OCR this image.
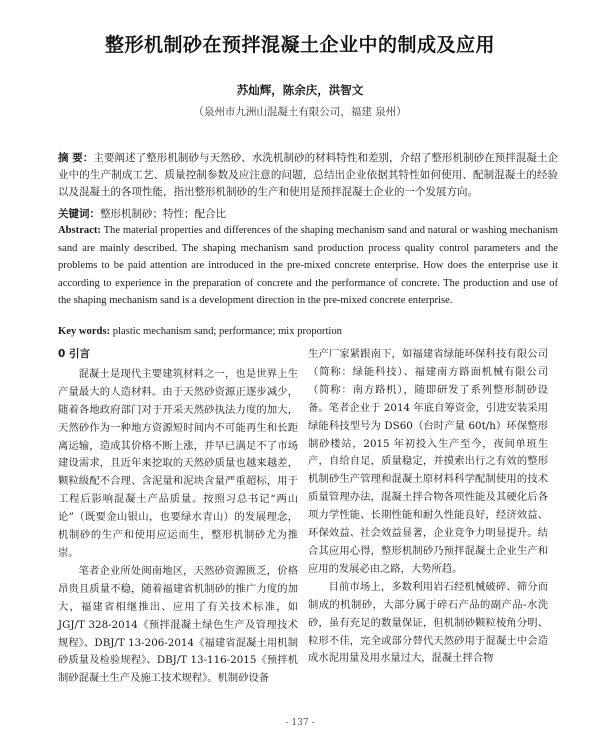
整形机制砂在预拌混凝土企业中的制成及应用
苏灿辉，陈余庆，洪智文
（泉州市九洲山混凝土有限公司，福建 泉州）
摘 要：主要阐述了整形机制砂与天然砂、水洗机制砂的材料特性和差别，介绍了整形机制砂在预拌混凝土企业中的生产制成工艺、质量控制参数及应注意的问题，总结出企业依据其特性如何使用、配制混凝土的经验以及混凝土的各项性能，指出整形机制砂的生产和使用是预拌混凝土企业的一个发展方向。
关键词：整形机制砂；特性；配合比
Abstract: The material properties and differences of the shaping mechanism sand and natural or washing mechanism sand are mainly described. The shaping mechanism sand production process quality control parameters and the problems to be paid attention are introduced in the pre-mixed concrete enterprise. How does the enterprise use it according to experience in the preparation of concrete and the performance of concrete. The production and use of the shaping mechanism sand is a development direction in the pre-mixed concrete enterprise.
Key words: plastic mechanism sand; performance; mix proportion
0 引言

混凝土是现代主要建筑材料之一，也是世界上生产量最大的人造材料。由于天然砂资源正逐步减少，随着各地政府部门对于开采天然砂执法力度的加大，天然砂作为一种地方资源短时间内不可能再生和长距离运输，造成其价格不断上涨，并早已满足不了市场建设需求，且近年来挖取的天然砂质量也越来越差，颗粒级配不合理、含泥量和泥块含量严重超标，用于工程后影响混凝土产品质量。按照习总书记“两山论”（既要金山银山，也要绿水青山）的发展理念，机制砂的生产和使用应运而生，整形机制砂尤为推崇。

笔者企业所处闽南地区，天然砂资源匮乏，价格昂贵且质量不稳，随着福建省机制砂的推广力度的加大，福建省相继推出、应用了有关技术标准，如 JGJ/T 328-2014《预拌混凝土绿色生产及管理技术规程》、DBJ/T 13-206-2014《福建省混凝土用机制砂质量及检验规程》、DBJ/T 13-116-2015《预拌机制砂混凝土生产及施工技术规程》。机制砂设备

生产厂家紧跟南下，如福建省绿能环保科技有限公司（简称：绿能科技）、福建南方路面机械有限公司（简称：南方路机），随即研发了系列整形制砂设备。笔者企业于 2014 年底自筹资金，引进安装采用绿能科技型号为 DS60（台时产量 60t/h）环保整形制砂楼站，2015 年初投入生产至今，夜间单班生产，自给自足，质量稳定，并摸索出行之有效的整形机制砂生产管理和混凝土原材料科学配制使用的技术质量管理办法，混凝土拌合物各项性能及其硬化后各项力学性能、长期性能和耐久性能良好，经济效益、环保效益、社会效益显著，企业竞争力明显提升。结合其应用心得，整形机制砂乃预拌混凝土企业生产和应用的发展必由之路，大势所趋。

目前市场上，多数利用岩石经机械破碎、筛分而制成的机制砂，大部分属于碎石产品的副产品-水洗砂，虽有充足的数量保证，但机制砂颗粒棱角分明、粒形不佳，完全或部分替代天然砂用于混凝土中会造成水泥用量及用水量过大，混凝土拌合物

- 137 -
